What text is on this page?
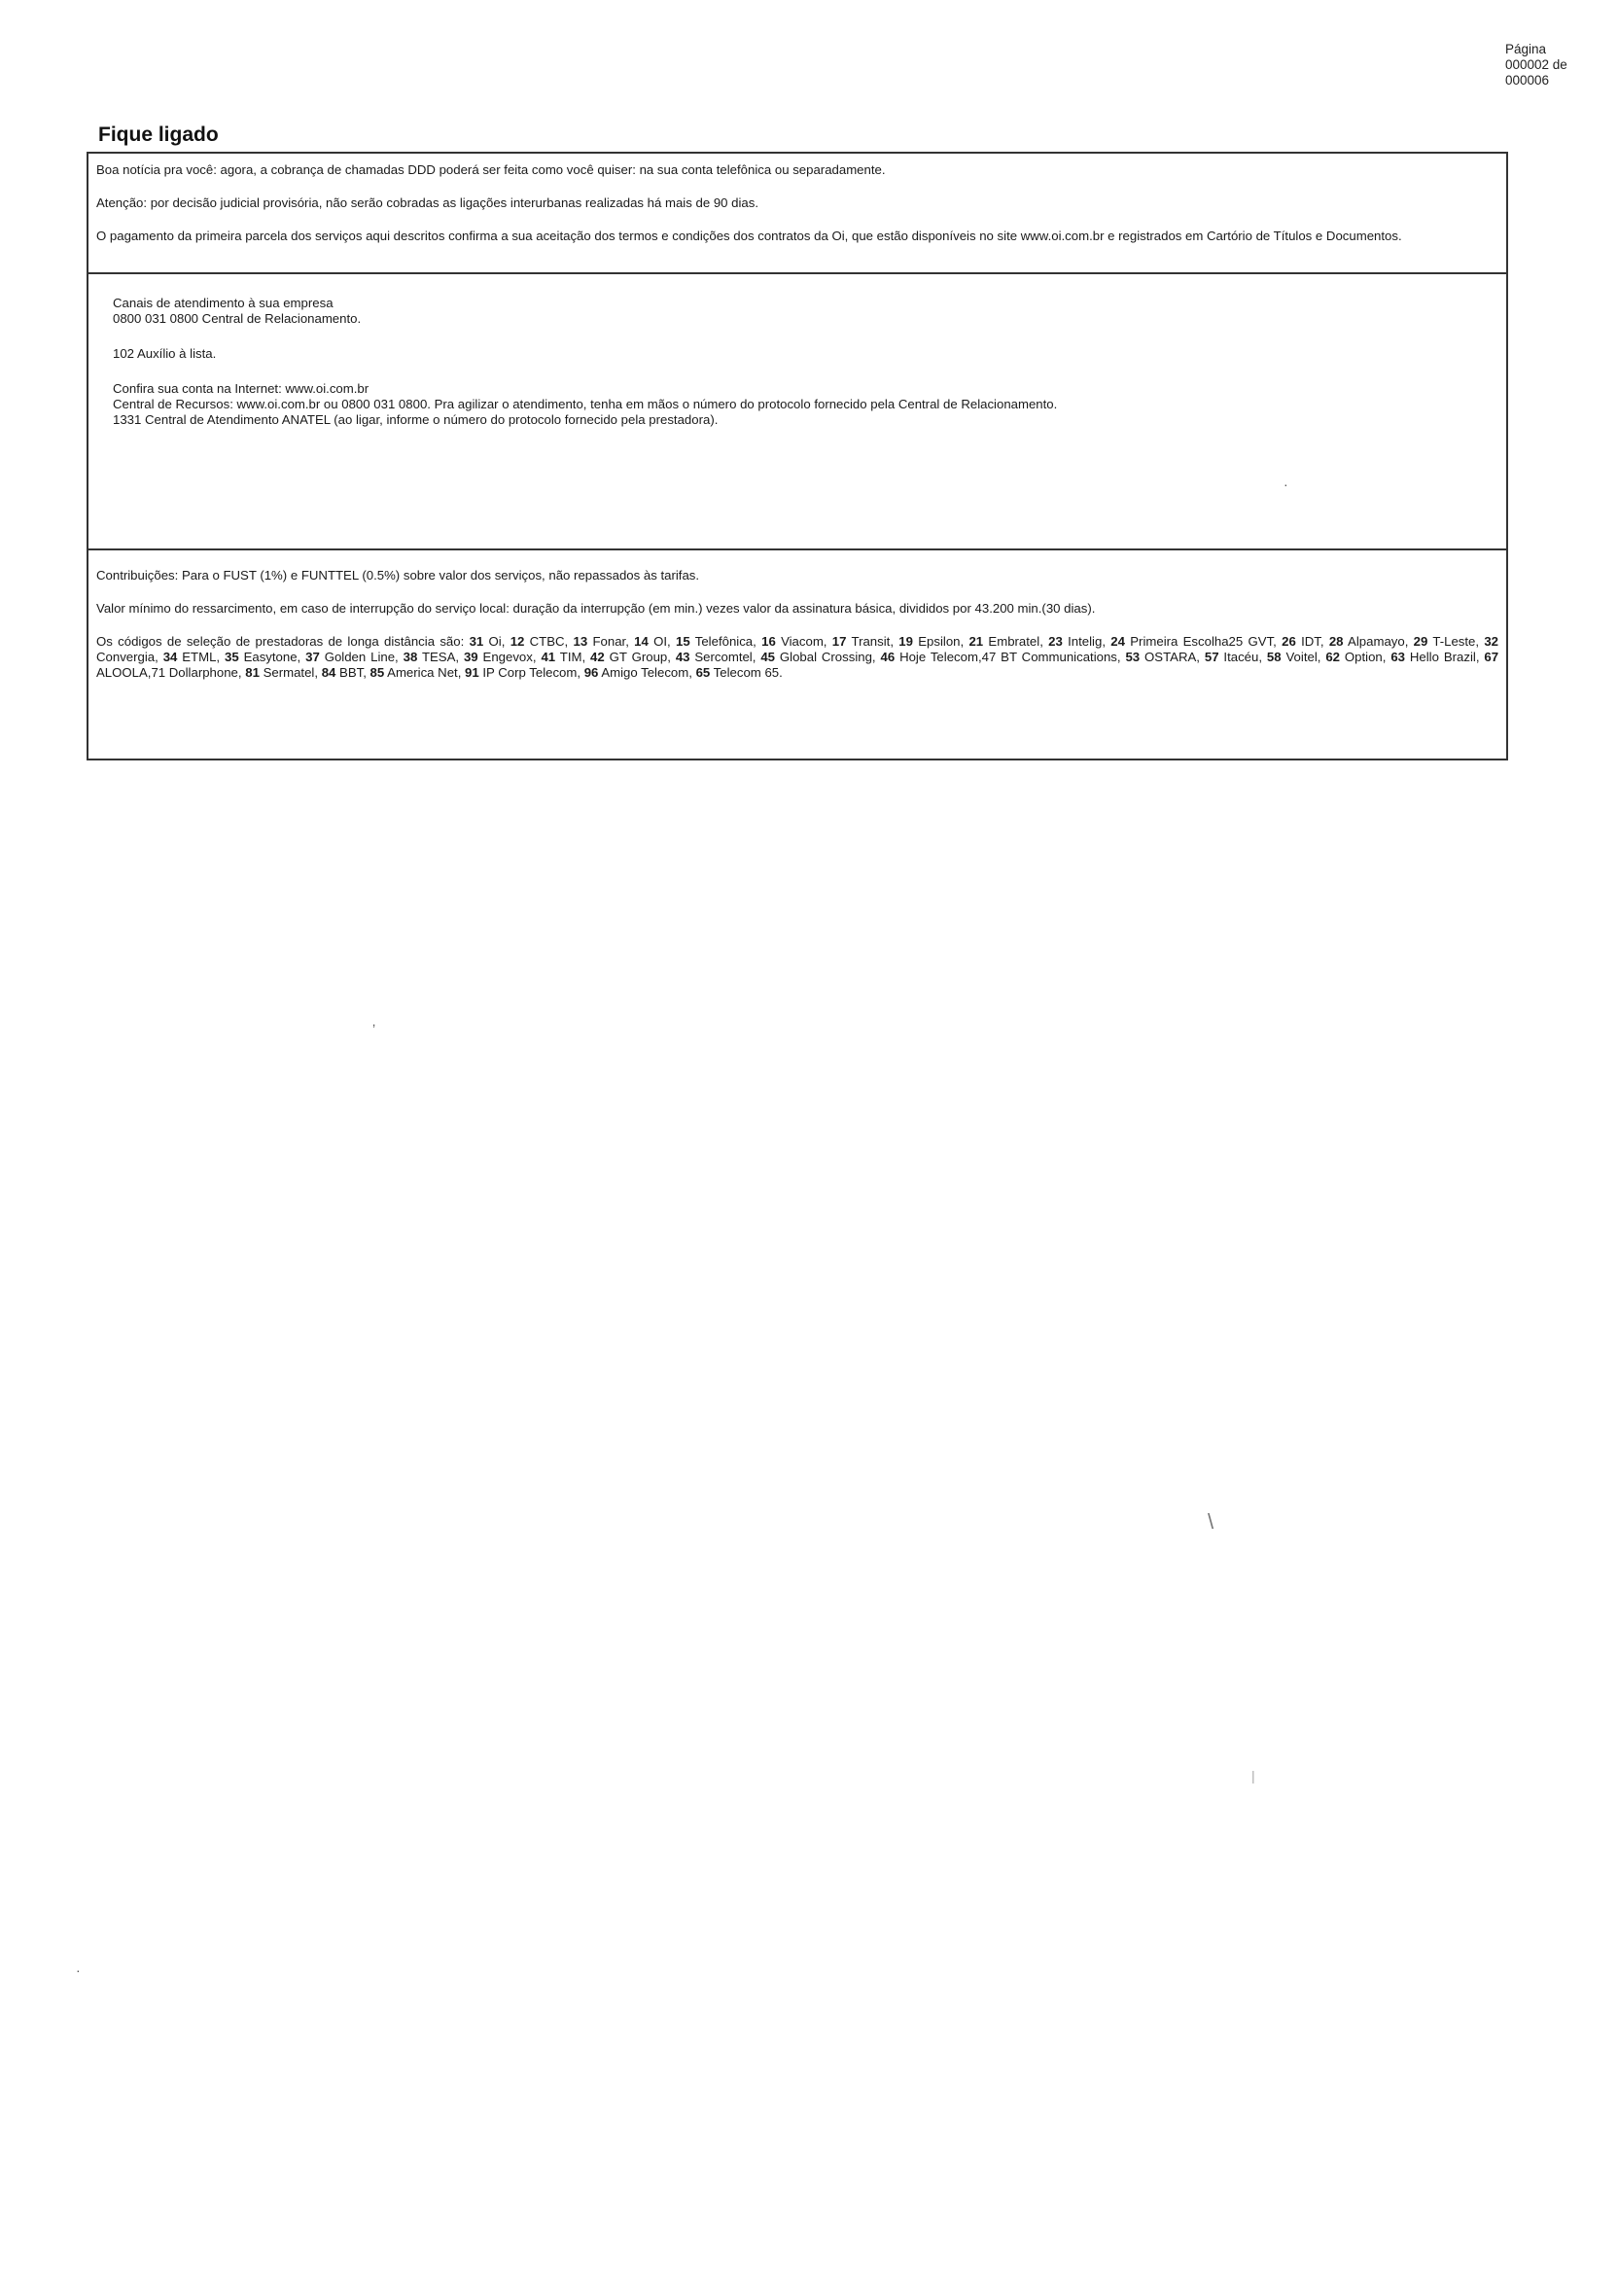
Página
000002 de
000006
Fique ligado

Boa notícia pra você: agora, a cobrança de chamadas DDD poderá ser feita como você quiser: na sua conta telefônica ou separadamente.

Atenção: por decisão judicial provisória, não serão cobradas as ligações interurbanas realizadas há mais de 90 dias.

O pagamento da primeira parcela dos serviços aqui descritos confirma a sua aceitação dos termos e condições dos contratos da Oi, que estão disponíveis no site www.oi.com.br e registrados em Cartório de Títulos e Documentos.

Canais de atendimento à sua empresa
0800 031 0800 Central de Relacionamento.
102 Auxílio à lista.
Confira sua conta na Internet: www.oi.com.br
Central de Recursos: www.oi.com.br ou 0800 031 0800. Pra agilizar o atendimento, tenha em mãos o número do protocolo fornecido pela Central de Relacionamento.
1331 Central de Atendimento ANATEL (ao ligar, informe o número do protocolo fornecido pela prestadora).

Contribuições: Para o FUST (1%) e FUNTTEL (0.5%) sobre valor dos serviços, não repassados às tarifas.

Valor mínimo do ressarcimento, em caso de interrupção do serviço local: duração da interrupção (em min.) vezes valor da assinatura básica, divididos por 43.200 min.(30 dias).

Os códigos de seleção de prestadoras de longa distância são: 31 Oi, 12 CTBC, 13 Fonar, 14 OI, 15 Telefônica, 16 Viacom, 17 Transit, 19 Epsilon, 21 Embratel, 23 Intelig, 24 Primeira Escolha25 GVT, 26 IDT, 28 Alpamayo, 29 T-Leste, 32 Convergia, 34 ETML, 35 Easytone, 37 Golden Line, 38 TESA, 39 Engevox, 41 TIM, 42 GT Group, 43 Sercomtel, 45 Global Crossing, 46 Hoje Telecom,47 BT Communications, 53 OSTARA, 57 Itacéu, 58 Voitel, 62 Option, 63 Hello Brazil, 67 ALOOLA,71 Dollarphone, 81 Sermatel, 84 BBT, 85 America Net, 91 IP Corp Telecom, 96 Amigo Telecom, 65 Telecom 65.

’
\
|
·
·
